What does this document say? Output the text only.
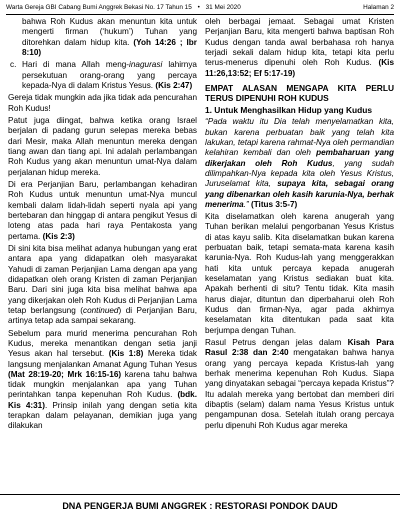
Warta Gereja GBI Cabang Bumi Anggrek Bekasi No. 17 Tahun 15 • 31 Mei 2020	Halaman 2

bahwa Roh Kudus akan menuntun kita untuk mengerti firman (‘hukum’) Tuhan yang ditorehkan dalam hidup kita. (Yoh 14:26 ; Ibr 8:10)

c. Hari di mana Allah meng-inagurasi lahirnya persekutuan orang-orang yang percaya kepada-Nya di dalam Kristus Yesus. (Kis 2:47)

Gereja tidak mungkin ada jika tidak ada pencurahan Roh Kudus!

Patut juga diingat, bahwa ketika orang Israel berjalan di padang gurun selepas mereka bebas dari Mesir, maka Allah menuntun mereka dengan tiang awan dan tiang api. Ini adalah perlambangan Roh Kudus yang akan menuntun umat-Nya dalam perjalanan hidup mereka.

Di era Perjanjian Baru, perlambangan kehadiran Roh Kudus untuk menuntun umat-Nya muncul kembali dalam lidah-lidah seperti nyala api yang bertebaran dan hinggap di antara pengikut Yesus di loteng atas pada hari raya Pentakosta yang pertama. (Kis 2:3)

Di sini kita bisa melihat adanya hubungan yang erat antara apa yang didapatkan oleh masyarakat Yahudi di zaman Perjanjian Lama dengan apa yang didapatkan oleh orang Kristen di zaman Perjanjian Baru. Dari sini juga kita bisa melihat bahwa apa yang dikerjakan oleh Roh Kudus di Perjanjian Lama tetap berlangsung (continued) di Perjanjian Baru, artinya tetap ada sampai sekarang.

Sebelum para murid menerima pencurahan Roh Kudus, mereka menantikan dengan setia janji Yesus akan hal tersebut. (Kis 1:8) Mereka tidak langsung menjalankan Amanat Agung Tuhan Yesus (Mat 28:19-20; Mrk 16:15-16) karena tahu bahwa tidak mungkin menjalankan apa yang Tuhan perintahkan tanpa kepenuhan Roh Kudus. (bdk. Kis 4:31). Prinsip inilah yang dengan setia kita terapkan dalam pelayanan, demikian juga yang dilakukan

oleh berbagai jemaat. Sebagai umat Kristen Perjanjian Baru, kita mengerti bahwa baptisan Roh Kudus dengan tanda awal berbahasa roh hanya terjadi sekali dalam hidup kita, tetapi kita perlu terus-menerus dipenuhi oleh Roh Kudus. (Kis 11:26,13:52; Ef 5:17-19)

EMPAT ALASAN MENGAPA KITA PERLU TERUS DIPENUHI ROH KUDUS
1. Untuk Menghasilkan Hidup yang Kudus

“Pada waktu itu Dia telah menyelamatkan kita, bukan karena perbuatan baik yang telah kita lakukan, tetapi karena rahmat-Nya oleh permandian kelahiran kembali dan oleh pembaharuan yang dikerjakan oleh Roh Kudus, yang sudah dilimpahkan-Nya kepada kita oleh Yesus Kristus, Juruselamat kita, supaya kita, sebagai orang yang dibenarkan oleh kasih karunia-Nya, berhak menerima.” (Titus 3:5-7)

Kita diselamatkan oleh karena anugerah yang Tuhan berikan melalui pengorbanan Yesus Kristus di atas kayu salib. Kita diselamatkan bukan karena perbuatan baik, tetapi semata-mata karena kasih karunia-Nya. Roh Kudus-lah yang menggerakkan hati kita untuk percaya kepada anugerah keselamatan yang Kristus sediakan buat kita. Apakah berhenti di situ? Tentu tidak. Kita masih harus diajar, dituntun dan diperbaharui oleh Roh Kudus dan firman-Nya, agar pada akhirnya keselamatan kita ditentukan pada saat kita berjumpa dengan Tuhan.

Rasul Petrus dengan jelas dalam Kisah Para Rasul 2:38 dan 2:40 mengatakan bahwa hanya orang yang percaya kepada Kristus-lah yang berhak menerima kepenuhan Roh Kudus. Siapa yang dinyatakan sebagai “percaya kepada Kristus”? Itu adalah mereka yang bertobat dan memberi diri dibaptis (selam) dalam nama Yesus Kristus untuk pengampunan dosa. Setelah itulah orang percaya perlu dipenuhi Roh Kudus agar mereka

DNA PENGERJA BUMI ANGGREK : RESTORASI PONDOK DAUD
